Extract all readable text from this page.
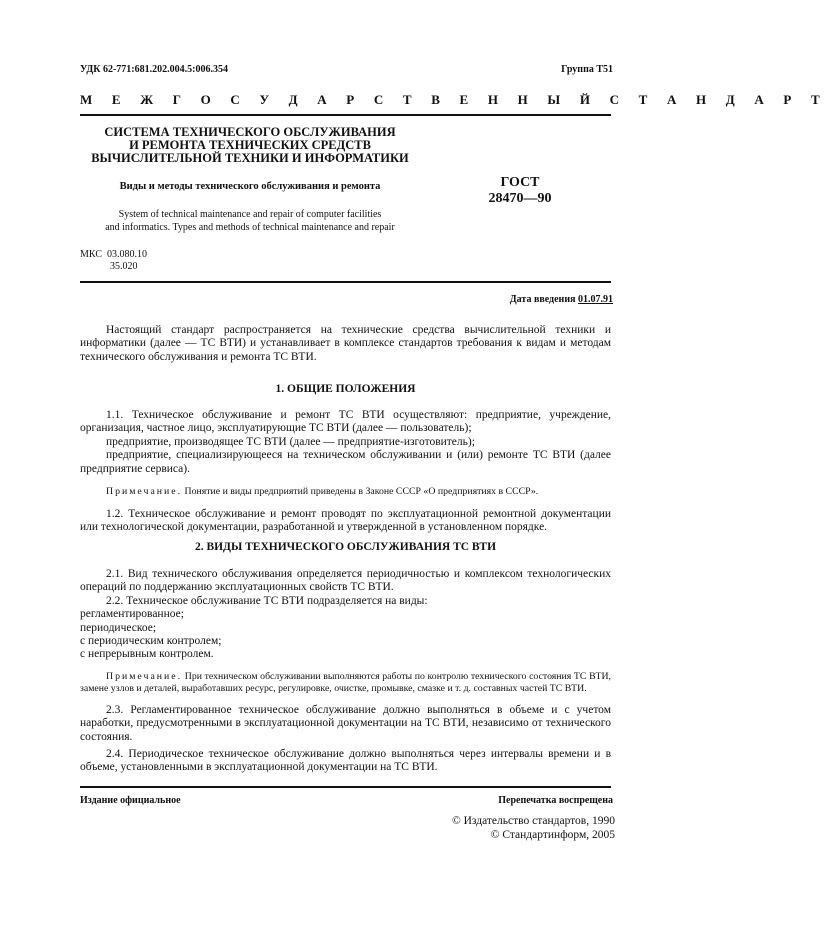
УДК 62-771:681.202.004.5:006.354	Группа Т51
М Е Ж Г О С У Д А Р С Т В Е Н Н Ы Й С Т А Н Д А Р Т
СИСТЕМА ТЕХНИЧЕСКОГО ОБСЛУЖИВАНИЯ
И РЕМОНТА ТЕХНИЧЕСКИХ СРЕДСТВ
ВЫЧИСЛИТЕЛЬНОЙ ТЕХНИКИ И ИНФОРМАТИКИ
Виды и методы технического обслуживания и ремонта
System of technical maintenance and repair of computer facilities
and informatics. Types and methods of technical maintenance and repair
ГОСТ
28470—90
МКС 03.080.10
35.020
Дата введения 01.07.91

Настоящий стандарт распространяется на технические средства вычислительной техники и информатики (далее — ТС ВТИ) и устанавливает в комплексе стандартов требования к видам и методам технического обслуживания и ремонта ТС ВТИ.

1. ОБЩИЕ ПОЛОЖЕНИЯ

1.1. Техническое обслуживание и ремонт ТС ВТИ осуществляют: предприятие, учреждение, организация, частное лицо, эксплуатирующие ТС ВТИ (далее — пользователь);

предприятие, производящее ТС ВТИ (далее — предприятие-изготовитель);

предприятие, специализирующееся на техническом обслуживании и (или) ремонте ТС ВТИ (далее предприятие сервиса).

Примечание. Понятие и виды предприятий приведены в Законе СССР «О предприятиях в СССР».

1.2. Техническое обслуживание и ремонт проводят по эксплуатационной ремонтной документации или технологической документации, разработанной и утвержденной в установленном порядке.

2. ВИДЫ ТЕХНИЧЕСКОГО ОБСЛУЖИВАНИЯ ТС ВТИ

2.1. Вид технического обслуживания определяется периодичностью и комплексом технологических операций по поддержанию эксплуатационных свойств ТС ВТИ.

2.2. Техническое обслуживание ТС ВТИ подразделяется на виды:

регламентированное;

периодическое;

с периодическим контролем;

с непрерывным контролем.

Примечание. При техническом обслуживании выполняются работы по контролю технического состояния ТС ВТИ, замене узлов и деталей, выработавших ресурс, регулировке, очистке, промывке, смазке и т. д. составных частей ТС ВТИ.

2.3. Регламентированное техническое обслуживание должно выполняться в объеме и с учетом наработки, предусмотренными в эксплуатационной документации на ТС ВТИ, независимо от технического состояния.

2.4. Периодическое техническое обслуживание должно выполняться через интервалы времени и в объеме, установленными в эксплуатационной документации на ТС ВТИ.

Издание официальное	Перепечатка воспрещена
© Издательство стандартов, 1990
© Стандартинформ, 2005
